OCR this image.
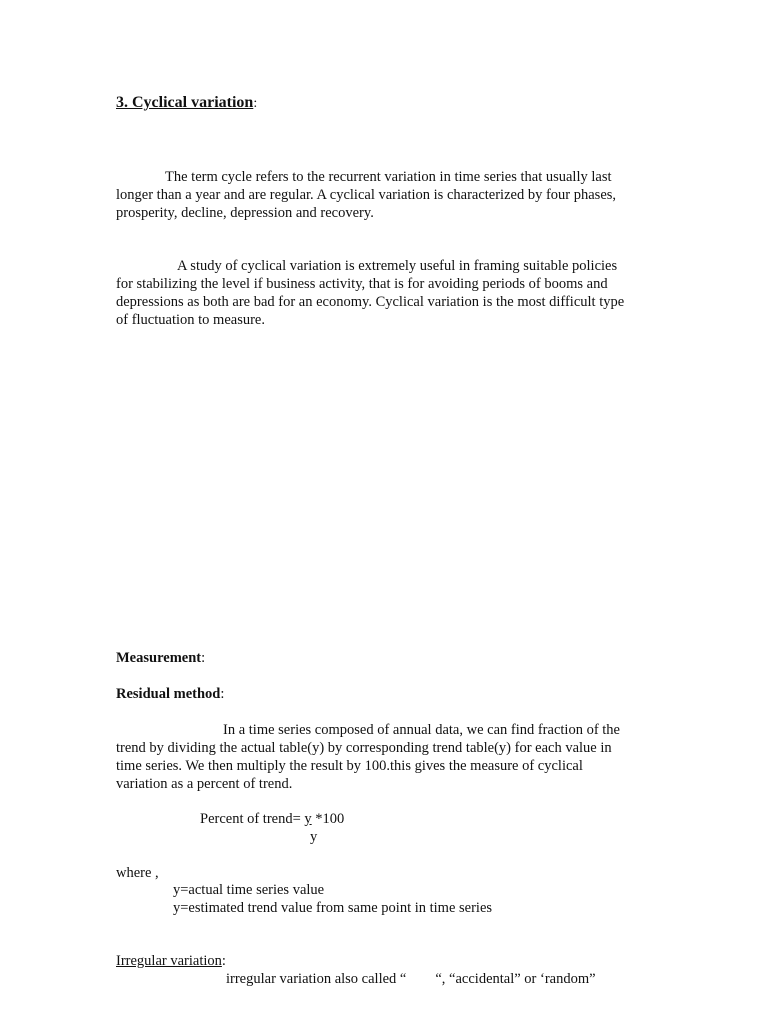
3. Cyclical variation:
The term cycle refers to the recurrent variation in time series that usually last
longer than a year and are regular. A cyclical variation is characterized by four phases,
prosperity, decline, depression and recovery.
A study of cyclical variation is extremely useful in framing suitable policies
for stabilizing the level if business activity, that is for avoiding periods of booms and
depressions as both are bad for an economy. Cyclical variation is the most difficult type
of fluctuation to measure.
Measurement:
Residual method:
In a time series composed of annual data, we can find fraction of the
trend by dividing the actual table(y) by corresponding trend table(y) for each value in
time series. We then multiply the result by 100.this gives the measure of cyclical
variation as a percent of trend.
Percent of trend= y *100
y
where ,
y=actual time series value
y=estimated trend value from same point in time series
Irregular variation:
irregular variation also called “        “, “accidental” or ‘random”
